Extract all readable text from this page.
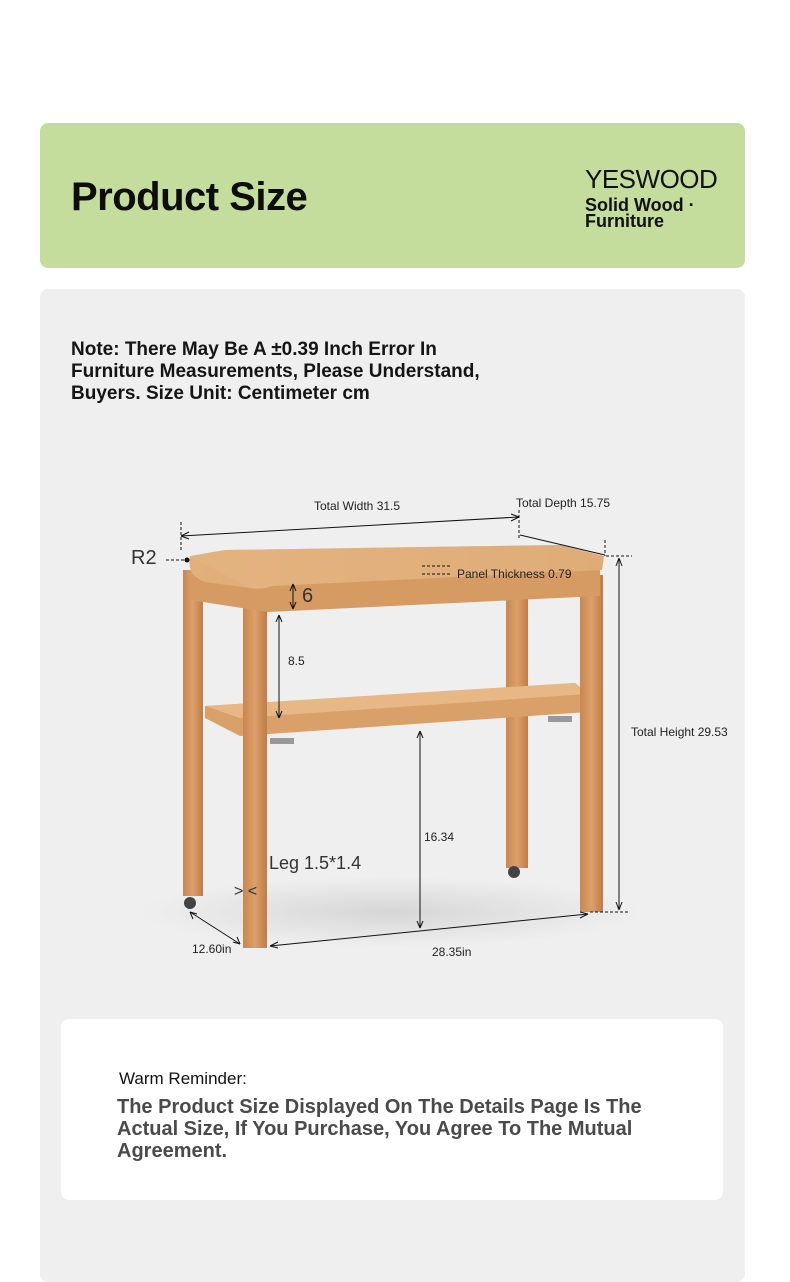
Product Size	YESWOOD
Solid Wood ·
Furniture
Note: There May Be A ±0.39 Inch Error In Furniture Measurements, Please Understand, Buyers. Size Unit: Centimeter cm
Total Width 31.5	Total Depth 15.75
R2
Panel Thickness 0.79
6
8.5
Total Height 29.53
16.34
Leg 1.5*1.4
> <
12.60in	28.35in
Warm Reminder:
The Product Size Displayed On The Details Page Is The Actual Size, If You Purchase, You Agree To The Mutual Agreement.
